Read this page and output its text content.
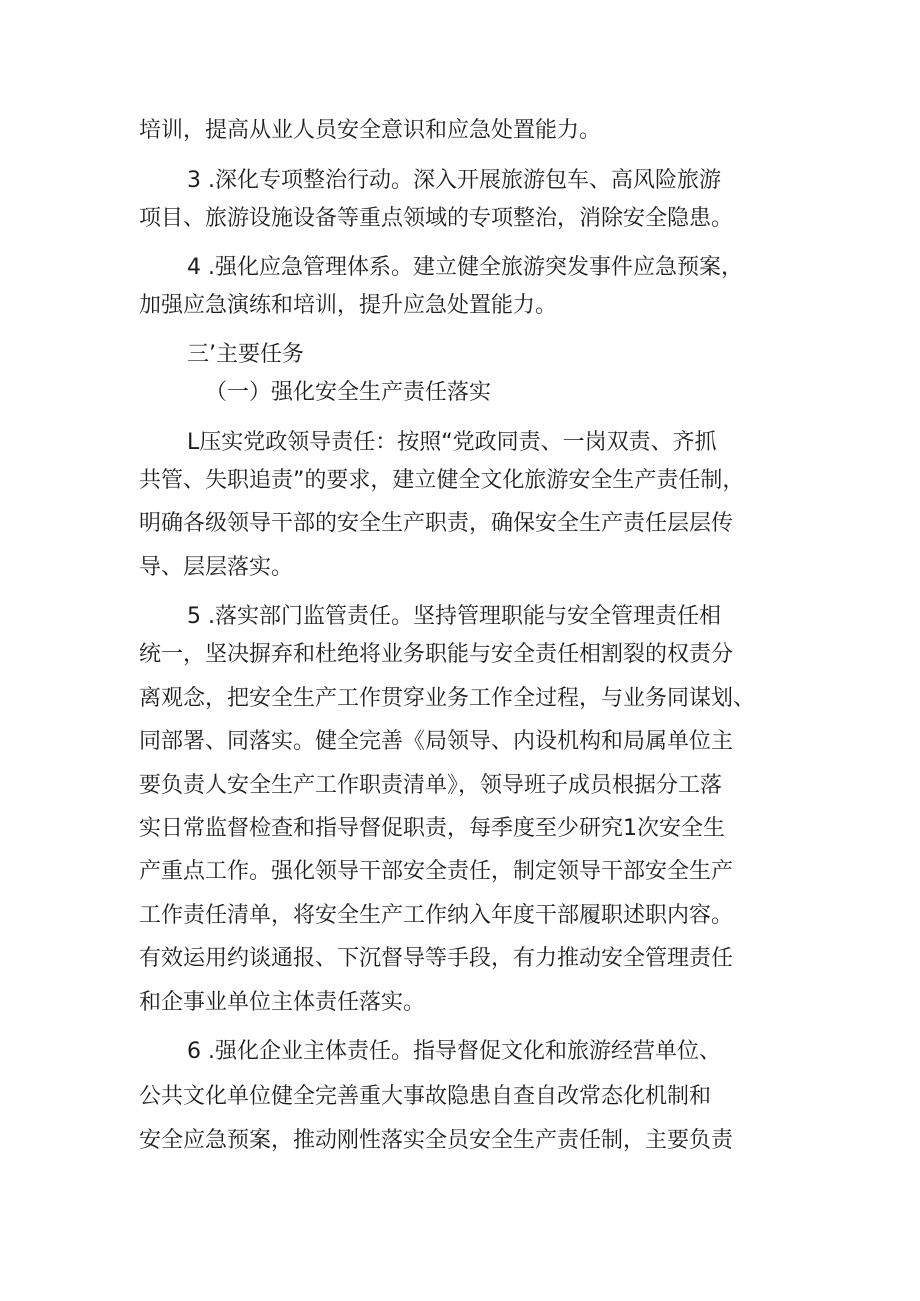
培训，提高从业人员安全意识和应急处置能力。

3 .深化专项整治行动。深入开展旅游包车、高风险旅游

项目、旅游设施设备等重点领域的专项整治，消除安全隐患。

4 .强化应急管理体系。建立健全旅游突发事件应急预案，

加强应急演练和培训，提升应急处置能力。

三’主要任务

（一）强化安全生产责任落实

L压实党政领导责任：按照“党政同责、一岗双责、齐抓

共管、失职追责”的要求，建立健全文化旅游安全生产责任制，

明确各级领导干部的安全生产职责，确保安全生产责任层层传

导、层层落实。

5 .落实部门监管责任。坚持管理职能与安全管理责任相

统一，坚决摒弃和杜绝将业务职能与安全责任相割裂的权责分

离观念，把安全生产工作贯穿业务工作全过程，与业务同谋划、

同部署、同落实。健全完善《局领导、内设机构和局属单位主

要负责人安全生产工作职责清单》，领导班子成员根据分工落

实日常监督检查和指导督促职责，每季度至少研究1次安全生

产重点工作。强化领导干部安全责任，制定领导干部安全生产

工作责任清单，将安全生产工作纳入年度干部履职述职内容。

有效运用约谈通报、下沉督导等手段，有力推动安全管理责任

和企事业单位主体责任落实。

6 .强化企业主体责任。指导督促文化和旅游经营单位、

公共文化单位健全完善重大事故隐患自查自改常态化机制和

安全应急预案，推动刚性落实全员安全生产责任制，主要负责
